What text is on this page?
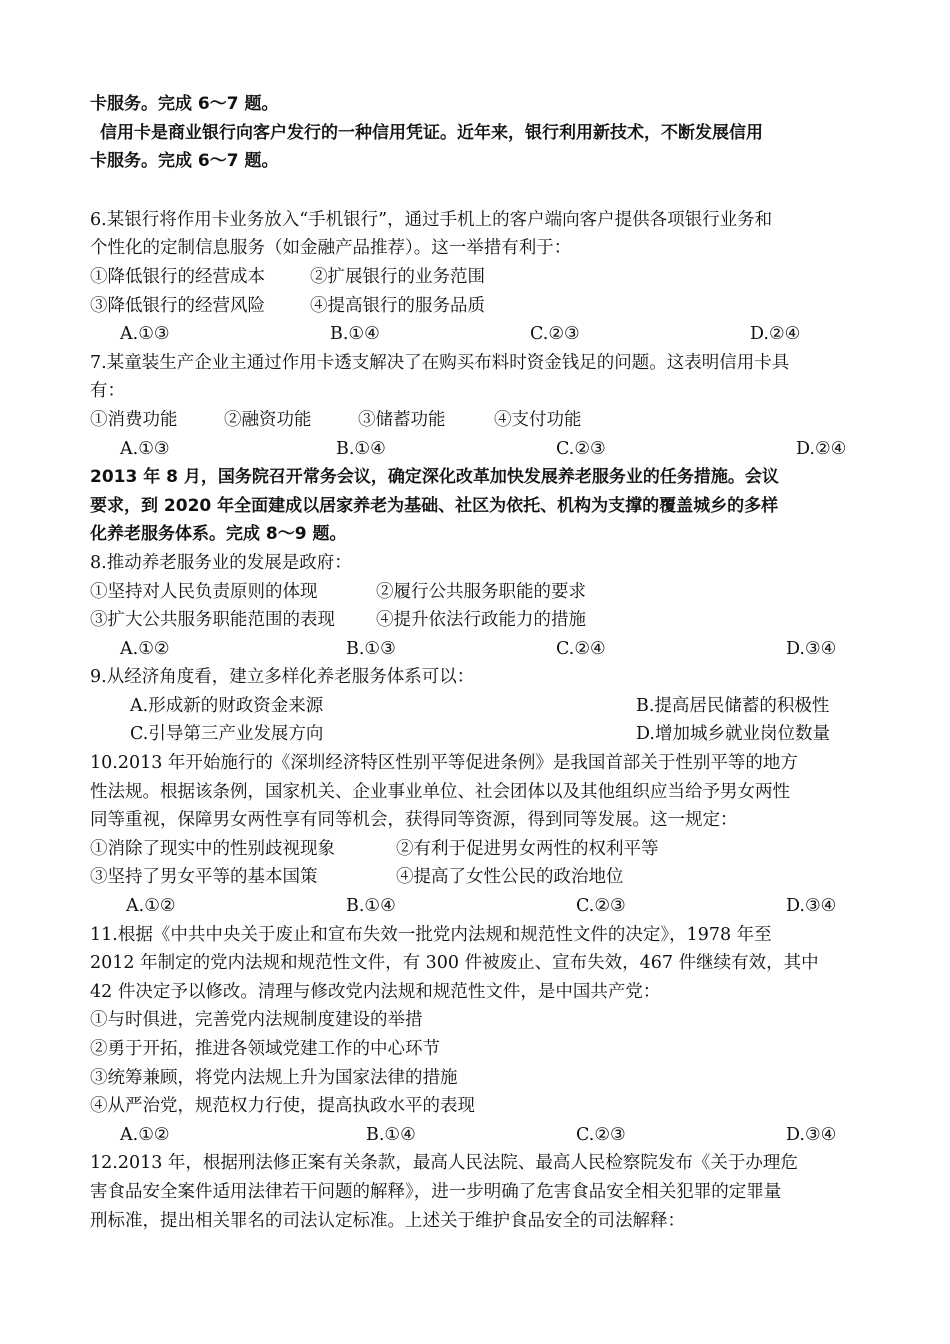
卡服务。完成 6～7 题。
信用卡是商业银行向客户发行的一种信用凭证。近年来，银行利用新技术，不断发展信用
卡服务。完成 6～7 题。
6.某银行将作用卡业务放入“手机银行”，通过手机上的客户端向客户提供各项银行业务和
个性化的定制信息服务（如金融产品推荐）。这一举措有利于：
①降低银行的经营成本	②扩展银行的业务范围
③降低银行的经营风险	④提高银行的服务品质
A.①③	B.①④	C.②③	D.②④
7.某童装生产企业主通过作用卡透支解决了在购买布料时资金钱足的问题。这表明信用卡具
有：
①消费功能	②融资功能	③储蓄功能	④支付功能
A.①③	B.①④	C.②③	D.②④
2013 年 8 月，国务院召开常务会议，确定深化改革加快发展养老服务业的任务措施。会议
要求，到 2020 年全面建成以居家养老为基础、社区为依托、机构为支撑的覆盖城乡的多样
化养老服务体系。完成 8～9 题。
8.推动养老服务业的发展是政府：
①坚持对人民负责原则的体现	②履行公共服务职能的要求
③扩大公共服务职能范围的表现 ④提升依法行政能力的措施
A.①②	B.①③	C.②④	D.③④
9.从经济角度看，建立多样化养老服务体系可以：
A.形成新的财政资金来源	B.提高居民储蓄的积极性
C.引导第三产业发展方向	D.增加城乡就业岗位数量
10.2013 年开始施行的《深圳经济特区性别平等促进条例》是我国首部关于性别平等的地方
性法规。根据该条例，国家机关、企业事业单位、社会团体以及其他组织应当给予男女两性
同等重视，保障男女两性享有同等机会，获得同等资源，得到同等发展。这一规定：
①消除了现实中的性别歧视现象	②有利于促进男女两性的权利平等
③坚持了男女平等的基本国策	④提高了女性公民的政治地位
A.①②	B.①④	C.②③	D.③④
11.根据《中共中央关于废止和宣布失效一批党内法规和规范性文件的决定》，1978 年至
2012 年制定的党内法规和规范性文件，有 300 件被废止、宣布失效，467 件继续有效，其中
42 件决定予以修改。清理与修改党内法规和规范性文件，是中国共产党：
①与时俱进，完善党内法规制度建设的举措
②勇于开拓，推进各领域党建工作的中心环节
③统筹兼顾，将党内法规上升为国家法律的措施
④从严治党，规范权力行使，提高执政水平的表现
A.①②	B.①④	C.②③	D.③④
12.2013 年，根据刑法修正案有关条款，最高人民法院、最高人民检察院发布《关于办理危
害食品安全案件适用法律若干问题的解释》，进一步明确了危害食品安全相关犯罪的定罪量
刑标准，提出相关罪名的司法认定标准。上述关于维护食品安全的司法解释：
